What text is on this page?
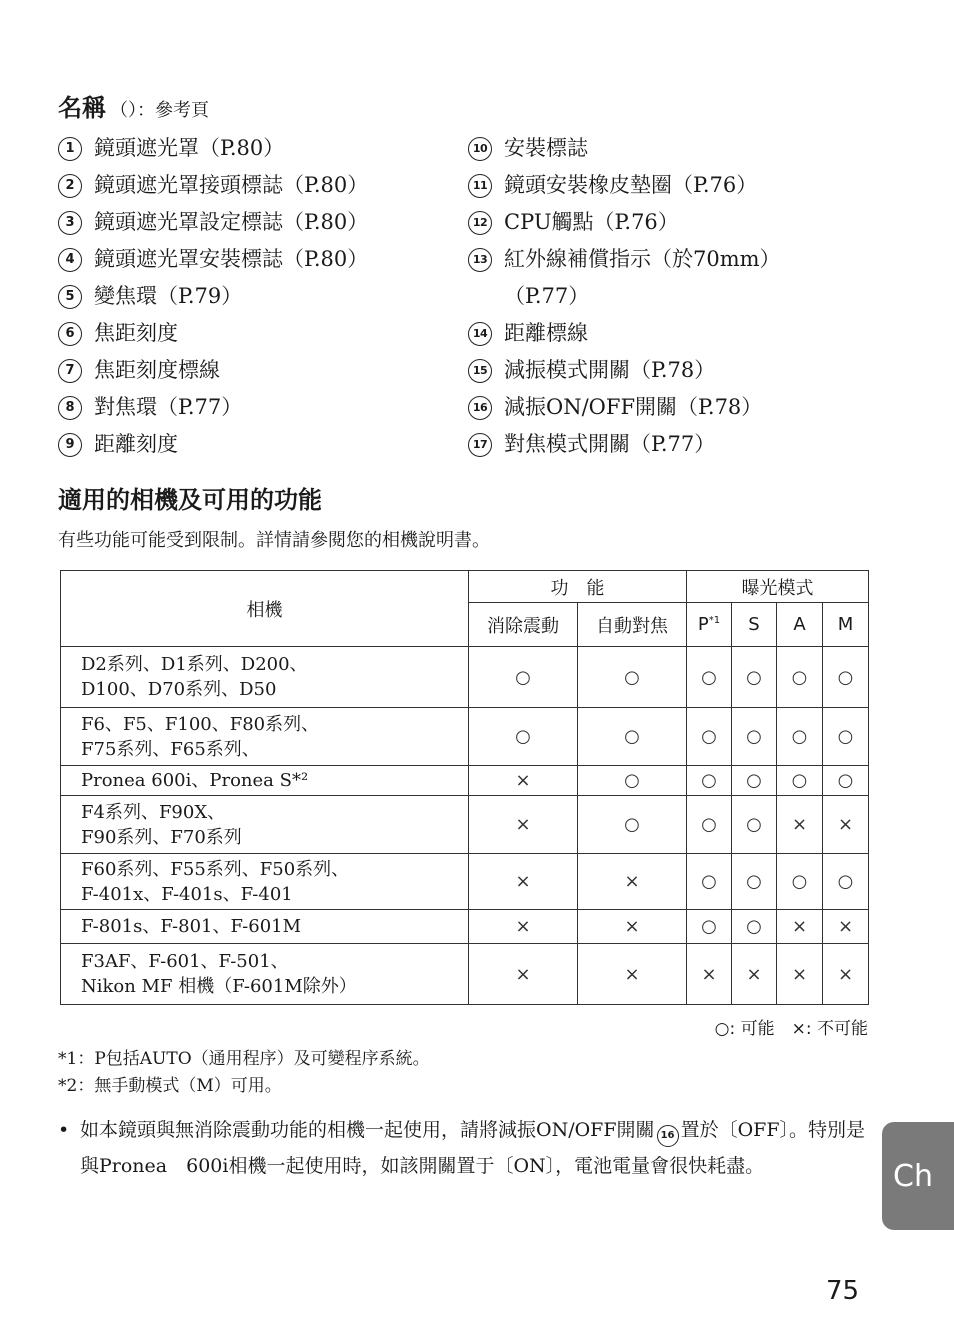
名稱 （）：參考頁
1 鏡頭遮光罩（P.80）
2 鏡頭遮光罩接頭標誌（P.80）
3 鏡頭遮光罩設定標誌（P.80）
4 鏡頭遮光罩安裝標誌（P.80）
5 變焦環（P.79）
6 焦距刻度
7 焦距刻度標線
8 對焦環（P.77）
9 距離刻度
10 安裝標誌
11 鏡頭安裝橡皮墊圈（P.76）
12 CPU觸點（P.76）
13 紅外線補償指示（於70mm）
（P.77）
14 距離標線
15 減振模式開關（P.78）
16 減振ON/OFF開關（P.78）
17 對焦模式開關（P.77）
適用的相機及可用的功能
有些功能可能受到限制。詳情請參閱您的相機說明書。
相機	功　能		曝光模式			
	消除震動	自動對焦	$P^{*1}$	S	A	M

D2系列、D1系列、D200、
D100、D70系列、D50	○	○	○	○	○	○

F6、F5、F100、F80系列、
F75系列、F65系列、	○	○	○	○	○	○

Pronea 600i、Pronea S*²	×	○	○	○	○	○

F4系列、F90X、
F90系列、F70系列	×	○	○	○	×	×

F60系列、F55系列、F50系列、
F-401x、F-401s、F-401	×	×	○	○	○	○

F-801s、F-801、F-601M	×	×	○	○	×	×

F3AF、F-601、F-501、
Nikon MF 相機（F-601M除外）	×	×	×	×	×	×
○: 可能　×: 不可能
*1：P包括AUTO（通用程序）及可變程序系統。
*2：無手動模式（M）可用。
• 如本鏡頭與無消除震動功能的相機一起使用，請將減振ON/OFF開關 16 置於〔OFF〕。特別是與Pronea　600i相機一起使用時，如該開關置于〔ON〕，電池電量會很快耗盡。	Ch
75
